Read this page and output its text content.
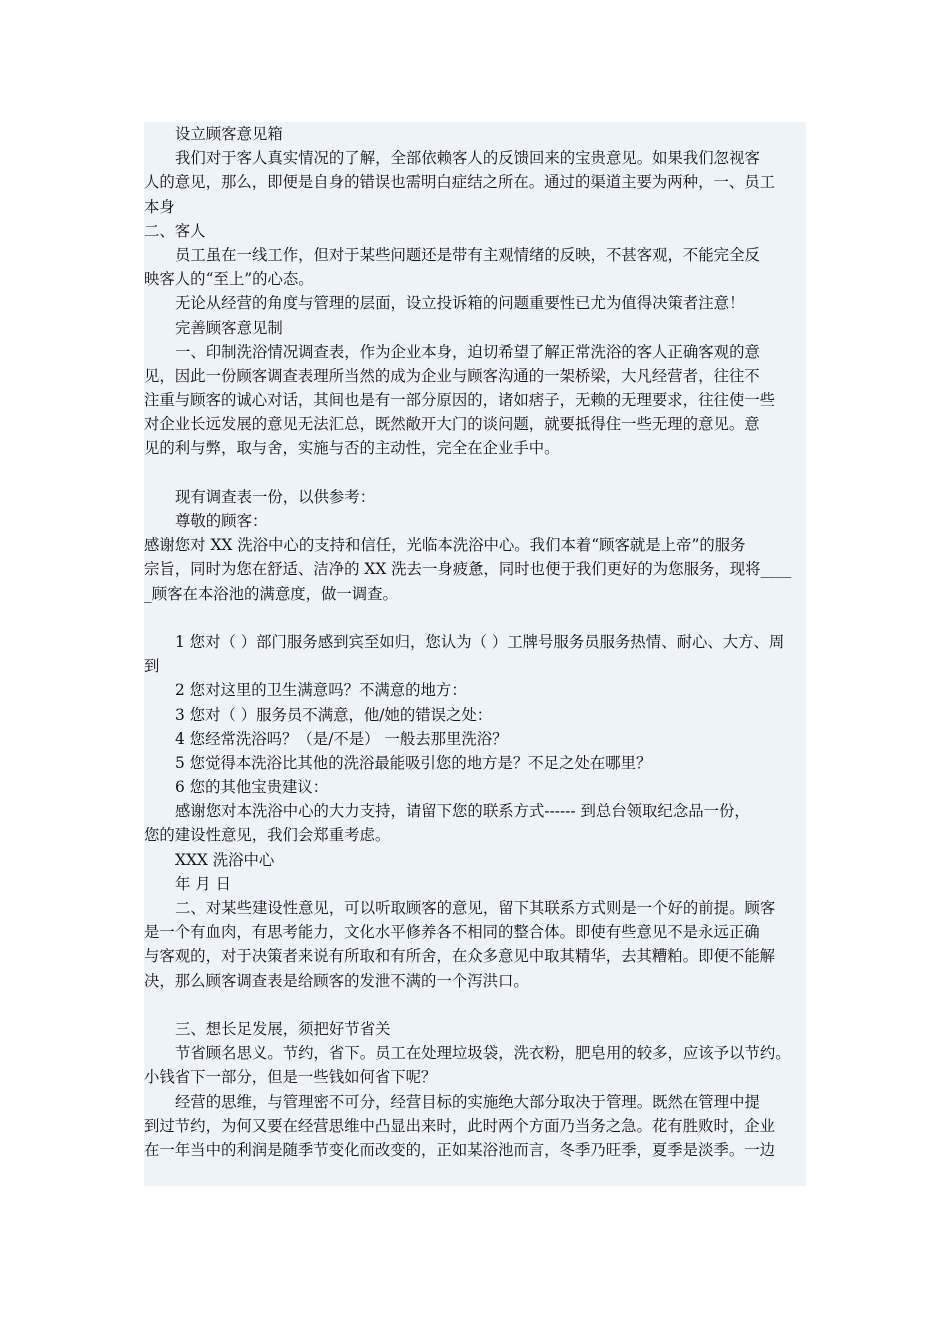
设立顾客意见箱
我们对于客人真实情况的了解，全部依赖客人的反馈回来的宝贵意见。如果我们忽视客
人的意见，那么，即便是自身的错误也需明白症结之所在。通过的渠道主要为两种，一、员工
本身
二、客人
员工虽在一线工作，但对于某些问题还是带有主观情绪的反映，不甚客观，不能完全反
映客人的“至上”的心态。
无论从经营的角度与管理的层面，设立投诉箱的问题重要性已尤为值得决策者注意！
完善顾客意见制
一、印制洗浴情况调查表，作为企业本身，迫切希望了解正常洗浴的客人正确客观的意
见，因此一份顾客调查表理所当然的成为企业与顾客沟通的一架桥梁，大凡经营者，往往不
注重与顾客的诚心对话，其间也是有一部分原因的，诸如痞子，无赖的无理要求，往往使一些
对企业长远发展的意见无法汇总，既然敞开大门的谈问题，就要抵得住一些无理的意见。意
见的利与弊，取与舍，实施与否的主动性，完全在企业手中。
现有调查表一份，以供参考：
尊敬的顾客：
感谢您对 XX 洗浴中心的支持和信任，光临本洗浴中心。我们本着“顾客就是上帝”的服务
宗旨，同时为您在舒适、洁净的 XX 洗去一身疲惫，同时也便于我们更好的为您服务，现将____
_顾客在本浴池的满意度，做一调查。
1 您对（ ）部门服务感到宾至如归，您认为（ ）工牌号服务员服务热情、耐心、大方、周
到
2 您对这里的卫生满意吗？不满意的地方：
3 您对（ ）服务员不满意，他/她的错误之处：
4 您经常洗浴吗？（是/不是） 一般去那里洗浴？
5 您觉得本洗浴比其他的洗浴最能吸引您的地方是？不足之处在哪里？
6 您的其他宝贵建议：
感谢您对本洗浴中心的大力支持，请留下您的联系方式------ 到总台领取纪念品一份，
您的建设性意见，我们会郑重考虑。
XXX 洗浴中心
年 月 日
二、对某些建设性意见，可以听取顾客的意见，留下其联系方式则是一个好的前提。顾客
是一个有血肉，有思考能力，文化水平修养各不相同的整合体。即使有些意见不是永远正确
与客观的，对于决策者来说有所取和有所舍，在众多意见中取其精华，去其糟粕。即便不能解
决，那么顾客调查表是给顾客的发泄不满的一个泻洪口。
三、想长足发展，须把好节省关
节省顾名思义。节约，省下。员工在处理垃圾袋，洗衣粉，肥皂用的较多，应该予以节约。
小钱省下一部分，但是一些钱如何省下呢？
经营的思维，与管理密不可分，经营目标的实施绝大部分取决于管理。既然在管理中提
到过节约，为何又要在经营思维中凸显出来时，此时两个方面乃当务之急。花有胜败时，企业
在一年当中的利润是随季节变化而改变的，正如某浴池而言，冬季乃旺季，夏季是淡季。一边
